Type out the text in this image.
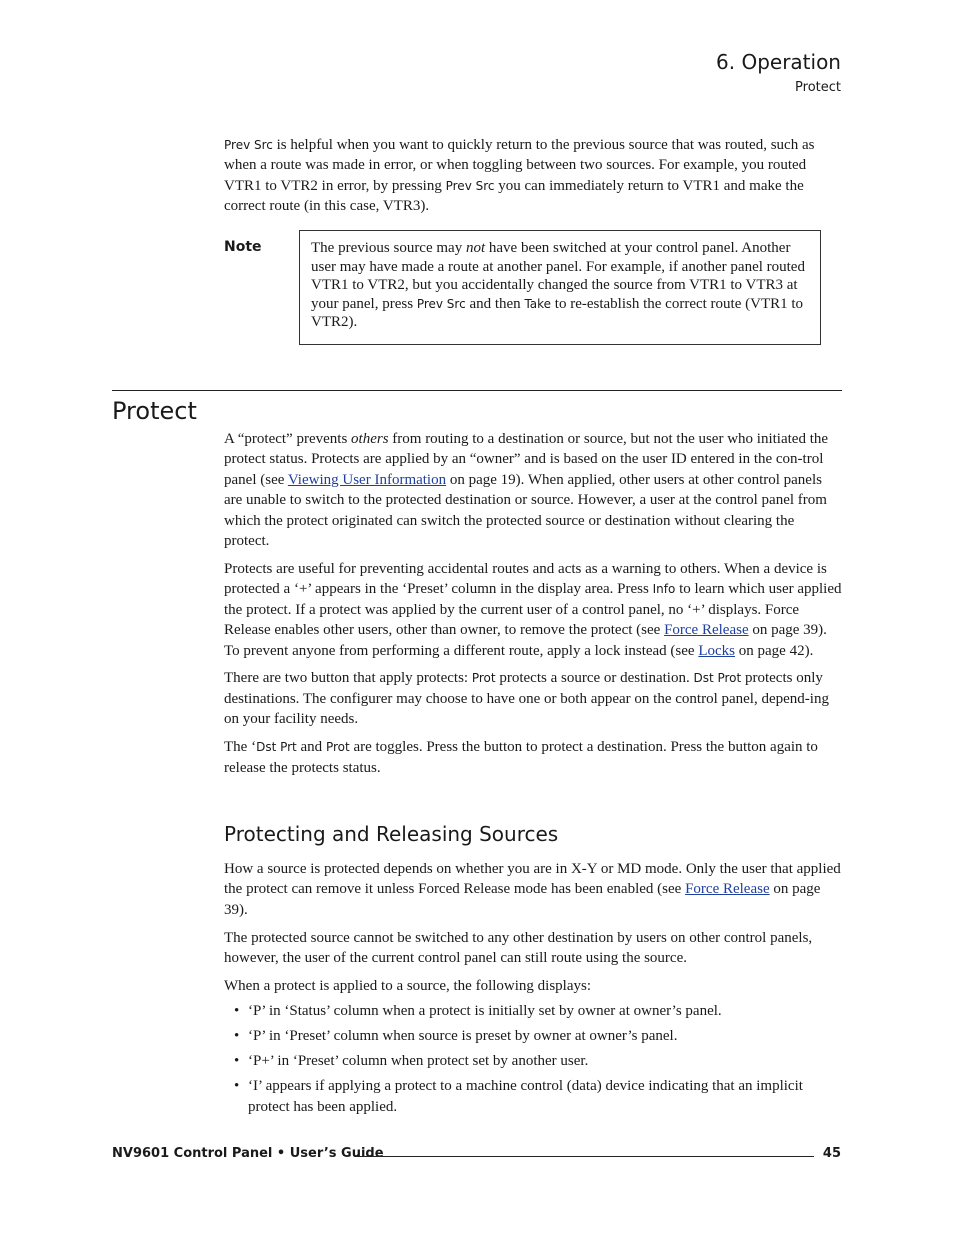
6. Operation
Protect

Prev Src is helpful when you want to quickly return to the previous source that was routed, such as when a route was made in error, or when toggling between two sources. For example, you routed VTR1 to VTR2 in error, by pressing Prev Src you can immediately return to VTR1 and make the correct route (in this case, VTR3).

Note	The previous source may not have been switched at your control panel. Another user may have made a route at another panel. For example, if another panel routed VTR1 to VTR2, but you accidentally changed the source from VTR1 to VTR3 at your panel, press Prev Src and then Take to re-establish the correct route (VTR1 to VTR2).
Protect

A “protect” prevents others from routing to a destination or source, but not the user who initiated the protect status. Protects are applied by an “owner” and is based on the user ID entered in the con-trol panel (see Viewing User Information on page 19). When applied, other users at other control panels are unable to switch to the protected destination or source. However, a user at the control panel from which the protect originated can switch the protected source or destination without clearing the protect.

Protects are useful for preventing accidental routes and acts as a warning to others. When a device is protected a ‘+’ appears in the ‘Preset’ column in the display area. Press Info to learn which user applied the protect. If a protect was applied by the current user of a control panel, no ‘+’ displays. Force Release enables other users, other than owner, to remove the protect (see Force Release on page 39). To prevent anyone from performing a different route, apply a lock instead (see Locks on page 42).

There are two button that apply protects: Prot protects a source or destination. Dst Prot protects only destinations. The configurer may choose to have one or both appear on the control panel, depend-ing on your facility needs.

The ‘Dst Prt and Prot are toggles. Press the button to protect a destination. Press the button again to release the protects status.

Protecting and Releasing Sources

How a source is protected depends on whether you are in X-Y or MD mode. Only the user that applied the protect can remove it unless Forced Release mode has been enabled (see Force Release on page 39).

The protected source cannot be switched to any other destination by users on other control panels, however, the user of the current control panel can still route using the source.

When a protect is applied to a source, the following displays:

• ‘P’ in ‘Status’ column when a protect is initially set by owner at owner’s panel.
• ‘P’ in ‘Preset’ column when source is preset by owner at owner’s panel.
• ‘P+’ in ‘Preset’ column when protect set by another user.
• ‘I’ appears if applying a protect to a machine control (data) device indicating that an implicit protect has been applied.
NV9601 Control Panel • User’s Guide	45
